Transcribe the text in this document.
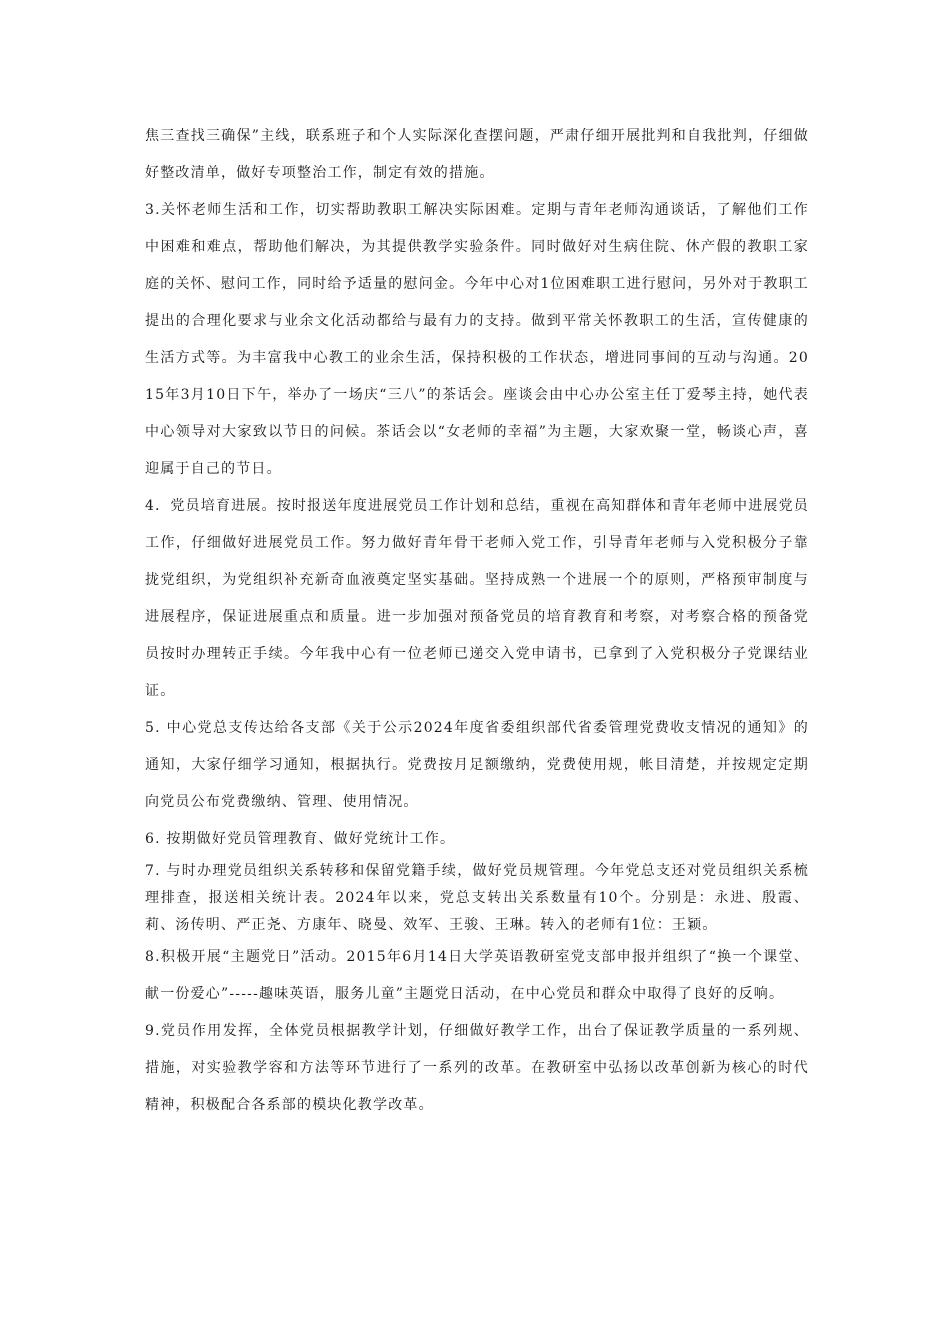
焦三查找三确保”主线，联系班子和个人实际深化查摆问题，严肃仔细开展批判和自我批判，仔细做好整改清单，做好专项整治工作，制定有效的措施。

3.关怀老师生活和工作，切实帮助教职工解决实际困难。定期与青年老师沟通谈话，了解他们工作中困难和难点，帮助他们解决，为其提供教学实验条件。同时做好对生病住院、休产假的教职工家庭的关怀、慰问工作，同时给予适量的慰问金。今年中心对1位困难职工进行慰问，另外对于教职工提出的合理化要求与业余文化活动都给与最有力的支持。做到平常关怀教职工的生活，宣传健康的生活方式等。为丰富我中心教工的业余生活，保持积极的工作状态，增进同事间的互动与沟通。2015年3月10日下午，举办了一场庆“三八”的茶话会。座谈会由中心办公室主任丁爱琴主持，她代表中心领导对大家致以节日的问候。茶话会以“女老师的幸福”为主题，大家欢聚一堂，畅谈心声，喜迎属于自己的节日。

4．党员培育进展。按时报送年度进展党员工作计划和总结，重视在高知群体和青年老师中进展党员工作，仔细做好进展党员工作。努力做好青年骨干老师入党工作，引导青年老师与入党积极分子靠拢党组织，为党组织补充新奇血液奠定坚实基础。坚持成熟一个进展一个的原则，严格预审制度与进展程序，保证进展重点和质量。进一步加强对预备党员的培育教育和考察，对考察合格的预备党员按时办理转正手续。今年我中心有一位老师已递交入党申请书，已拿到了入党积极分子党课结业证。

5. 中心党总支传达给各支部《关于公示2024年度省委组织部代省委管理党费收支情况的通知》的通知，大家仔细学习通知，根据执行。党费按月足额缴纳，党费使用规，帐目清楚，并按规定定期向党员公布党费缴纳、管理、使用情况。

6. 按期做好党员管理教育、做好党统计工作。

7. 与时办理党员组织关系转移和保留党籍手续，做好党员规管理。今年党总支还对党员组织关系梳理排查，报送相关统计表。2024年以来，党总支转出关系数量有10个。分别是：永进、殷霞、莉、汤传明、严正尧、方康年、晓曼、效军、王骏、王琳。转入的老师有1位：王颖。

8.积极开展“主题党日”活动。2015年6月14日大学英语教研室党支部申报并组织了“换一个课堂、献一份爱心”-----趣味英语，服务儿童”主题党日活动，在中心党员和群众中取得了良好的反响。

9.党员作用发挥，全体党员根据教学计划，仔细做好教学工作，出台了保证教学质量的一系列规、措施，对实验教学容和方法等环节进行了一系列的改革。在教研室中弘扬以改革创新为核心的时代精神，积极配合各系部的模块化教学改革。
